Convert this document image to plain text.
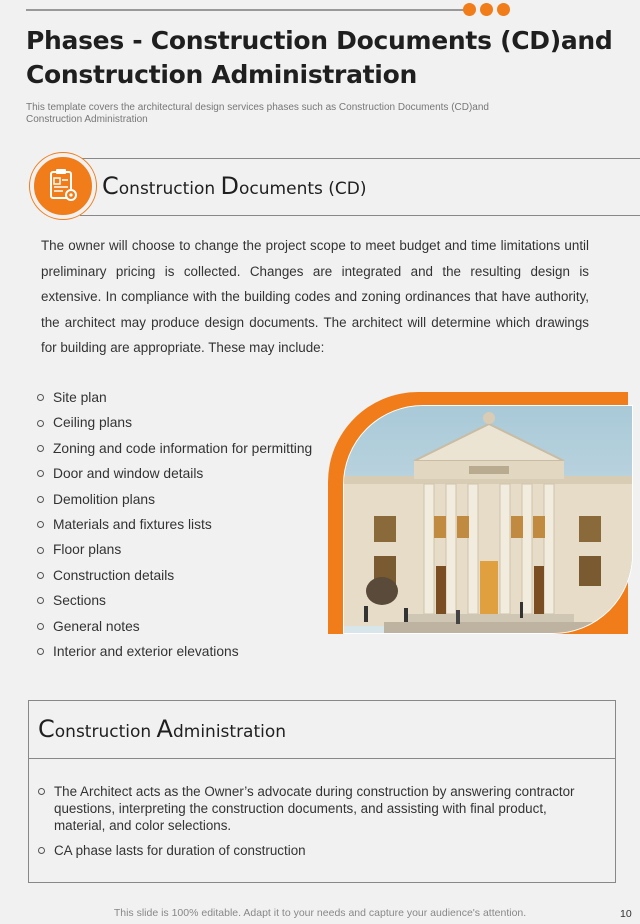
Phases - Construction Documents (CD)and Construction Administration

This template covers the architectural design services phases such as Construction Documents (CD)and Construction Administration

Construction Documents (CD)

The owner will choose to change the project scope to meet budget and time limitations until preliminary pricing is collected. Changes are integrated and the resulting design is extensive. In compliance with the building codes and zoning ordinances that have authority, the architect may produce design documents. The architect will determine which drawings for building are appropriate. These may include:

Site plan
Ceiling plans
Zoning and code information for permitting
Door and window details
Demolition plans
Materials and fixtures lists
Floor plans
Construction details
Sections
General notes
Interior and exterior elevations
Construction Administration
The Architect acts as the Owner’s advocate during construction by answering contractor questions, interpreting the construction documents, and assisting with final product, material, and color selections.
CA phase lasts for duration of construction
This slide is 100% editable. Adapt it to your needs and capture your audience's attention.	10
